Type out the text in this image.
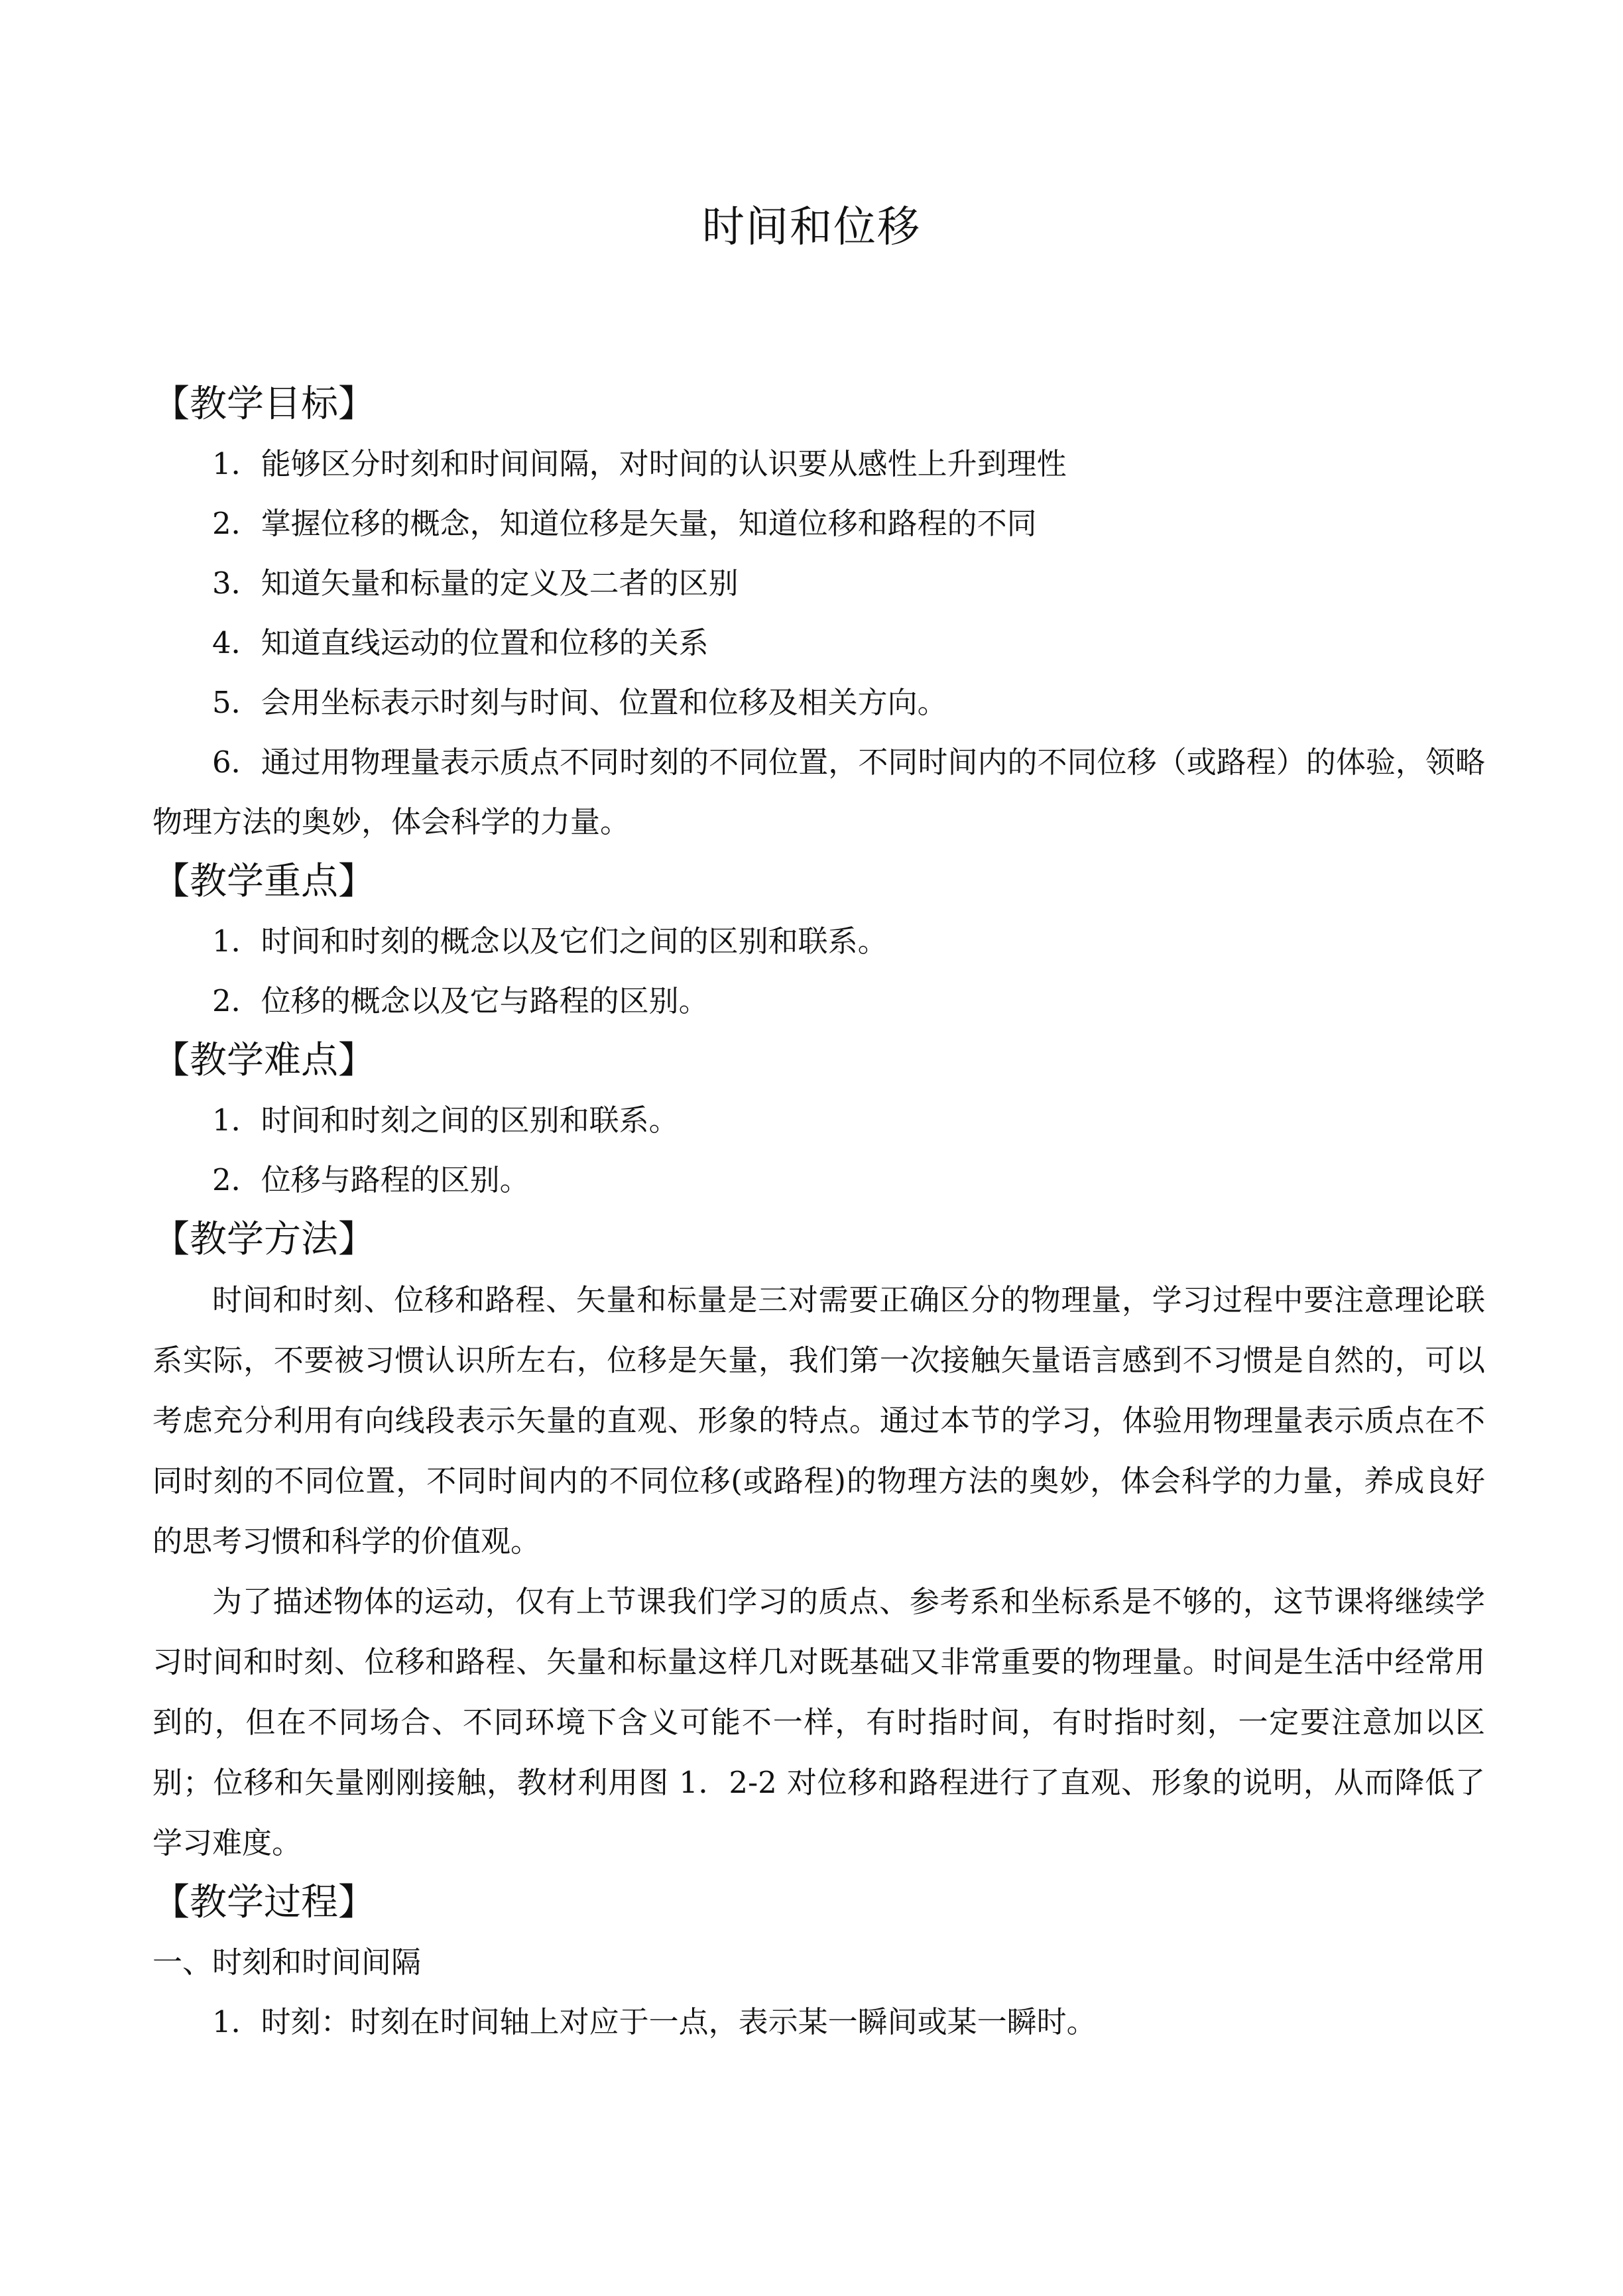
时间和位移
【教学目标】
1．能够区分时刻和时间间隔，对时间的认识要从感性上升到理性
2．掌握位移的概念，知道位移是矢量，知道位移和路程的不同
3．知道矢量和标量的定义及二者的区别
4．知道直线运动的位置和位移的关系
5．会用坐标表示时刻与时间、位置和位移及相关方向。
6．通过用物理量表示质点不同时刻的不同位置，不同时间内的不同位移（或路程）的体验，领略物理方法的奥妙，体会科学的力量。
【教学重点】
1．时间和时刻的概念以及它们之间的区别和联系。
2．位移的概念以及它与路程的区别。
【教学难点】
1．时间和时刻之间的区别和联系。
2．位移与路程的区别。
【教学方法】
时间和时刻、位移和路程、矢量和标量是三对需要正确区分的物理量，学习过程中要注意理论联系实际，不要被习惯认识所左右，位移是矢量，我们第一次接触矢量语言感到不习惯是自然的，可以考虑充分利用有向线段表示矢量的直观、形象的特点。通过本节的学习，体验用物理量表示质点在不同时刻的不同位置，不同时间内的不同位移(或路程)的物理方法的奥妙，体会科学的力量，养成良好的思考习惯和科学的价值观。
为了描述物体的运动，仅有上节课我们学习的质点、参考系和坐标系是不够的，这节课将继续学习时间和时刻、位移和路程、矢量和标量这样几对既基础又非常重要的物理量。时间是生活中经常用到的，但在不同场合、不同环境下含义可能不一样，有时指时间，有时指时刻，一定要注意加以区别；位移和矢量刚刚接触，教材利用图 1．2-2 对位移和路程进行了直观、形象的说明，从而降低了学习难度。
【教学过程】
一、时刻和时间间隔
1．时刻：时刻在时间轴上对应于一点，表示某一瞬间或某一瞬时。
